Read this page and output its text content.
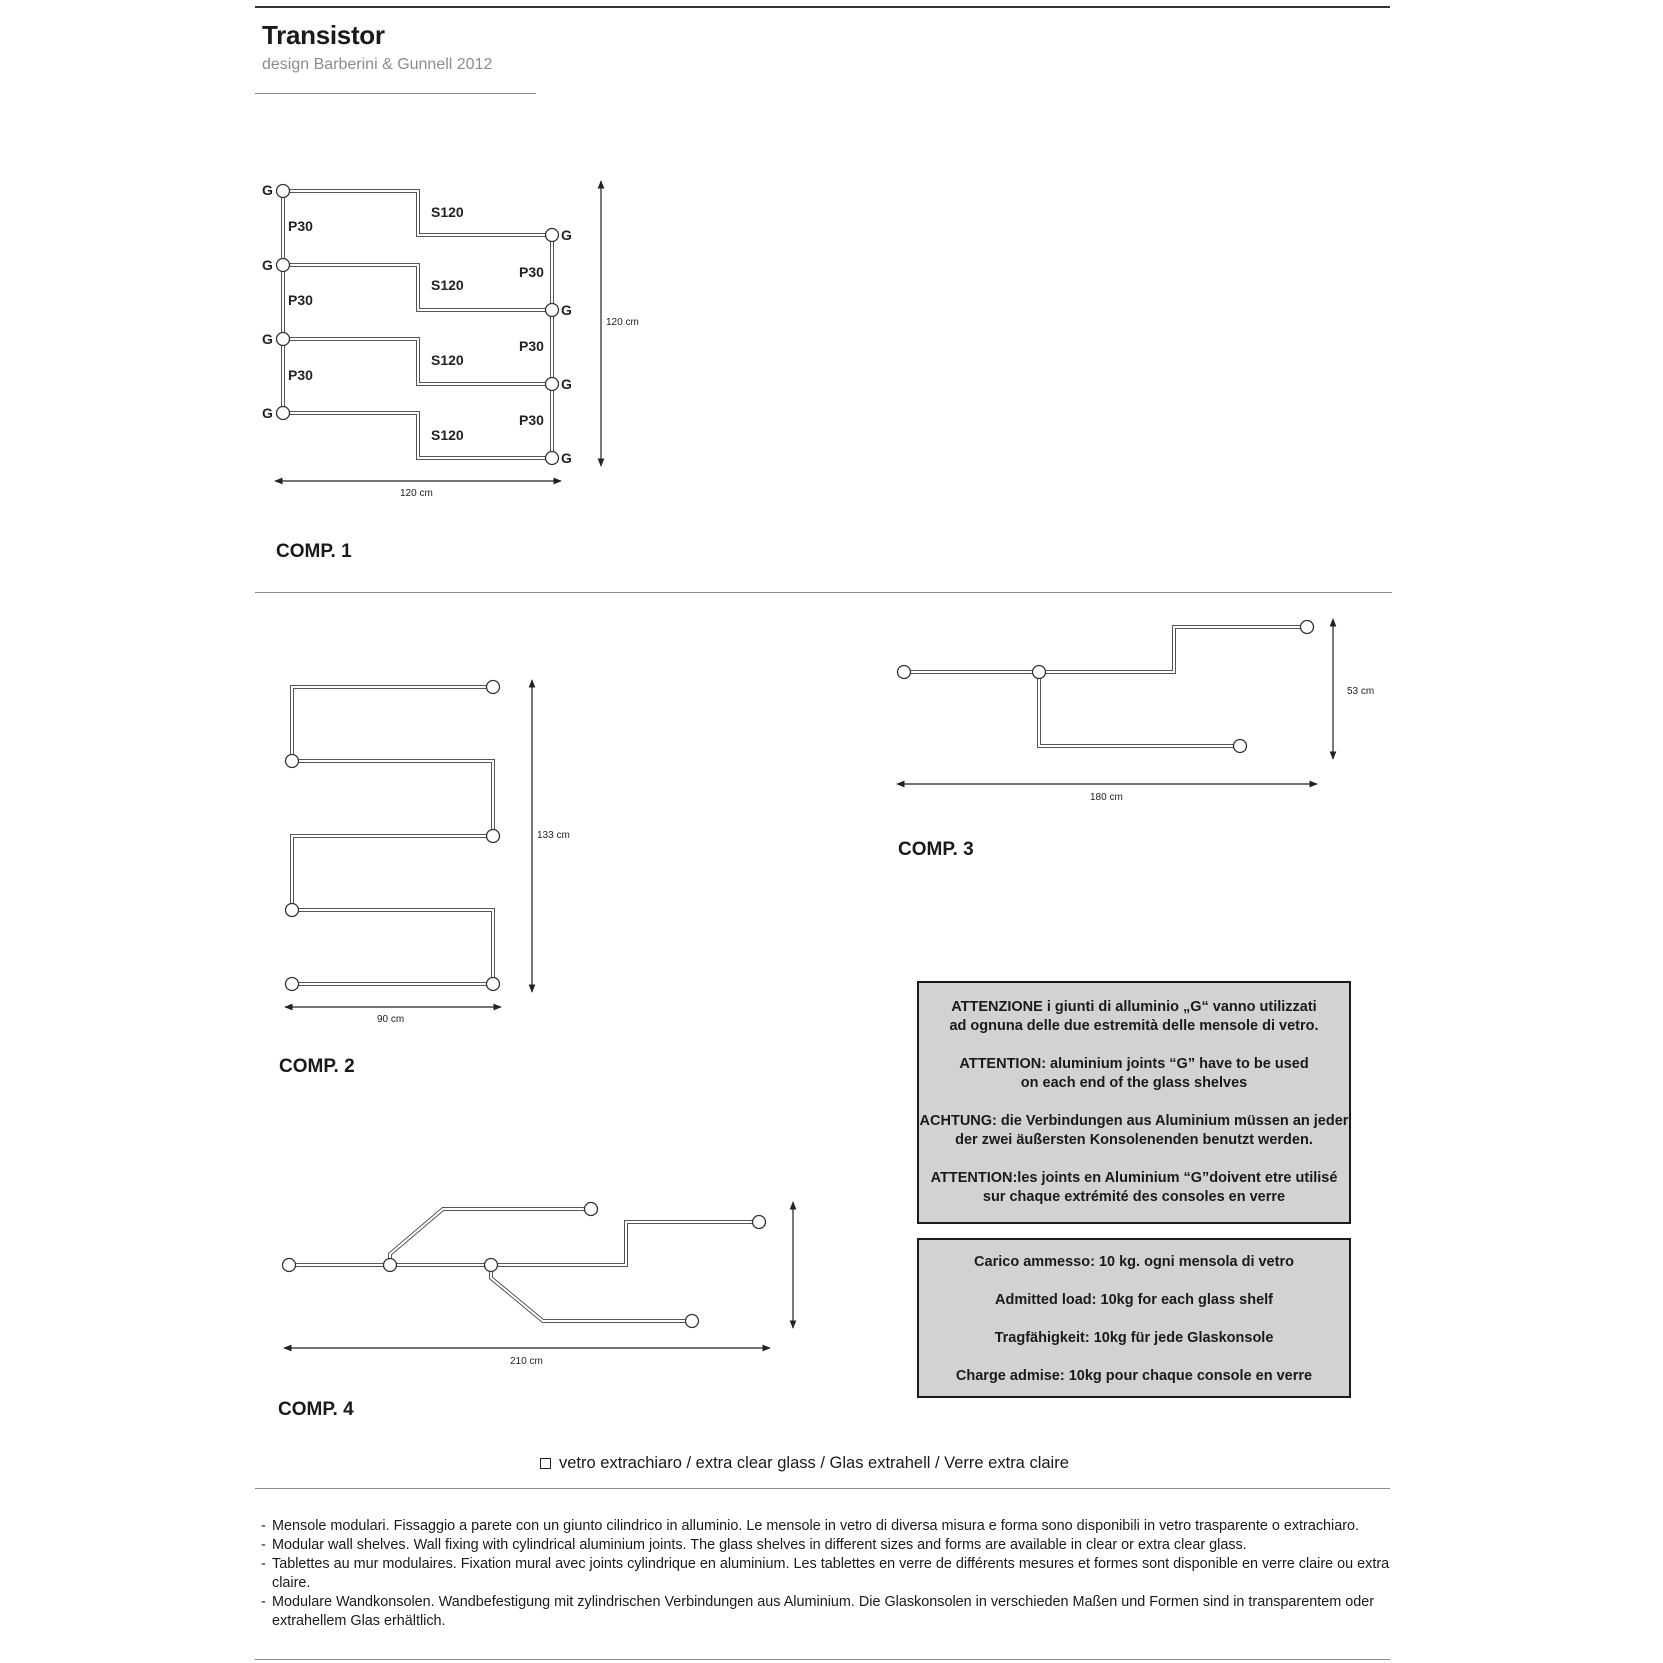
Transistor
design Barberini & Gunnell 2012
G
G
G
G
G
G
G
G
P30
P30
P30
P30
P30
P30
S120
S120
S120
S120
120 cm
120 cm
90 cm
133 cm
180 cm
53 cm
210 cm
COMP. 1
COMP. 2
COMP. 3
COMP. 4

ATTENZIONE i giunti di alluminio „G“ vanno utilizzati
ad ognuna delle due estremità delle mensole di vetro.

ATTENTION: aluminium joints “G” have to be used
on each end of the glass shelves

ACHTUNG: die Verbindungen aus Aluminium müssen an jeder
der zwei äußersten Konsolenenden benutzt werden.

ATTENTION:les joints en Aluminium “G”doivent etre utilisé
sur chaque extrémité des consoles en verre

Carico ammesso: 10 kg. ogni mensola di vetro

Admitted load: 10kg for each glass shelf

Tragfähigkeit: 10kg für jede Glaskonsole

Charge admise: 10kg pour chaque console en verre

vetro extrachiaro / extra clear glass / Glas extrahell / Verre extra claire
- Mensole modulari. Fissaggio a parete con un giunto cilindrico in alluminio. Le mensole in vetro di diversa misura e forma sono disponibili in vetro trasparente o extrachiaro.
- Modular wall shelves. Wall fixing with cylindrical aluminium joints. The glass shelves in different sizes and forms are available in clear or extra clear glass.
- Tablettes au mur modulaires. Fixation mural avec joints cylindrique en aluminium. Les tablettes en verre de différents mesures et formes sont disponible en verre claire ou extra claire.
- Modulare Wandkonsolen. Wandbefestigung mit zylindrischen Verbindungen aus Aluminium. Die Glaskonsolen in verschieden Maßen und Formen sind in transparentem oder extrahellem Glas erhältlich.
